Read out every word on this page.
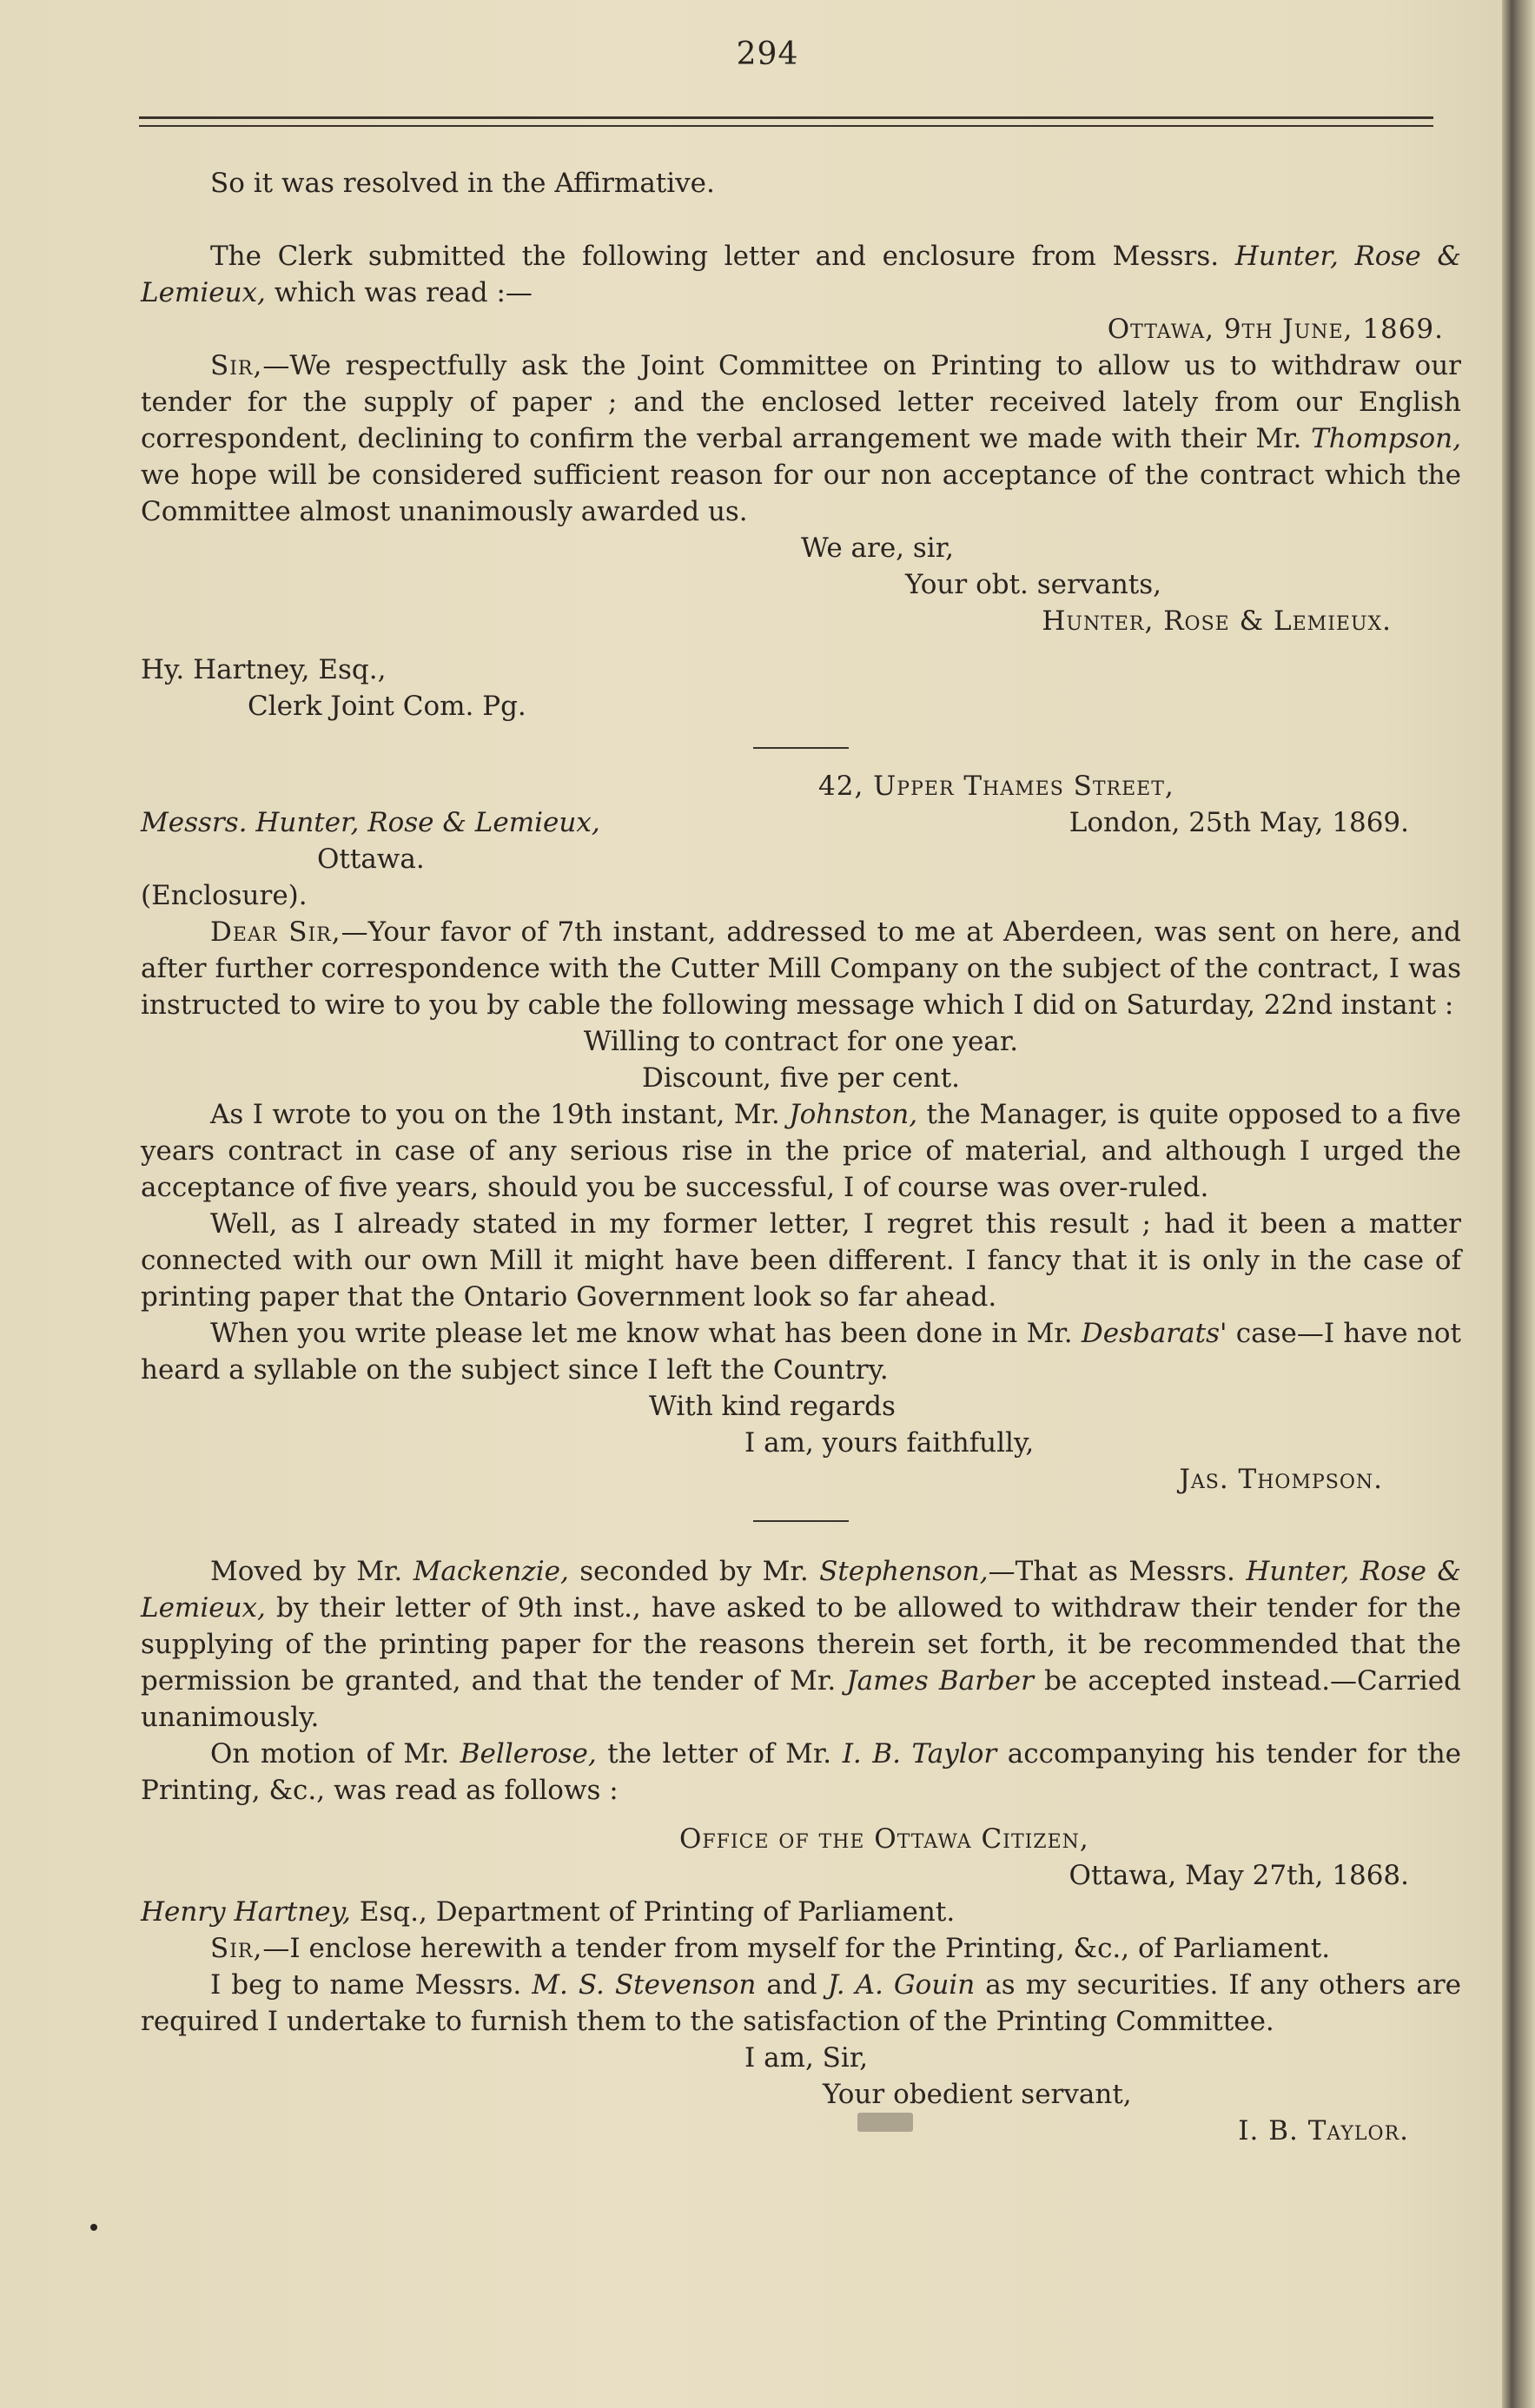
294

So it was resolved in the Affirmative.

The Clerk submitted the following letter and enclosure from Messrs. Hunter, Rose & Lemieux, which was read :—

Ottawa, 9th June, 1869.

Sir,—We respectfully ask the Joint Committee on Printing to allow us to withdraw our tender for the supply of paper ; and the enclosed letter received lately from our English correspondent, declining to confirm the verbal arrangement we made with their Mr. Thompson, we hope will be considered sufficient reason for our non acceptance of the contract which the Committee almost unanimously awarded us.

We are, sir,

Your obt. servants,

Hunter, Rose & Lemieux.

Hy. Hartney, Esq.,

Clerk Joint Com. Pg.

42, Upper Thames Street,

Messrs. Hunter, Rose & Lemieux,	London, 25th May, 1869.

Ottawa.

(Enclosure).

Dear Sir,—Your favor of 7th instant, addressed to me at Aberdeen, was sent on here, and after further correspondence with the Cutter Mill Company on the subject of the contract, I was instructed to wire to you by cable the following message which I did on Saturday, 22nd instant :

Willing to contract for one year.

Discount, five per cent.

As I wrote to you on the 19th instant, Mr. Johnston, the Manager, is quite opposed to a five years contract in case of any serious rise in the price of material, and although I urged the acceptance of five years, should you be successful, I of course was over-ruled.

Well, as I already stated in my former letter, I regret this result ; had it been a matter connected with our own Mill it might have been different. I fancy that it is only in the case of printing paper that the Ontario Government look so far ahead.

When you write please let me know what has been done in Mr. Desbarats' case—I have not heard a syllable on the subject since I left the Country.

With kind regards

I am, yours faithfully,

Jas. Thompson.

Moved by Mr. Mackenzie, seconded by Mr. Stephenson,—That as Messrs. Hunter, Rose & Lemieux, by their letter of 9th inst., have asked to be allowed to withdraw their tender for the supplying of the printing paper for the reasons therein set forth, it be recommended that the permission be granted, and that the tender of Mr. James Barber be accepted instead.—Carried unanimously.

On motion of Mr. Bellerose, the letter of Mr. I. B. Taylor accompanying his tender for the Printing, &c., was read as follows :

Office of the Ottawa Citizen,

Ottawa, May 27th, 1868.

Henry Hartney, Esq., Department of Printing of Parliament.

Sir,—I enclose herewith a tender from myself for the Printing, &c., of Parliament.

I beg to name Messrs. M. S. Stevenson and J. A. Gouin as my securities. If any others are required I undertake to furnish them to the satisfaction of the Printing Committee.

I am, Sir,

Your obedient servant,

I. B. Taylor.
